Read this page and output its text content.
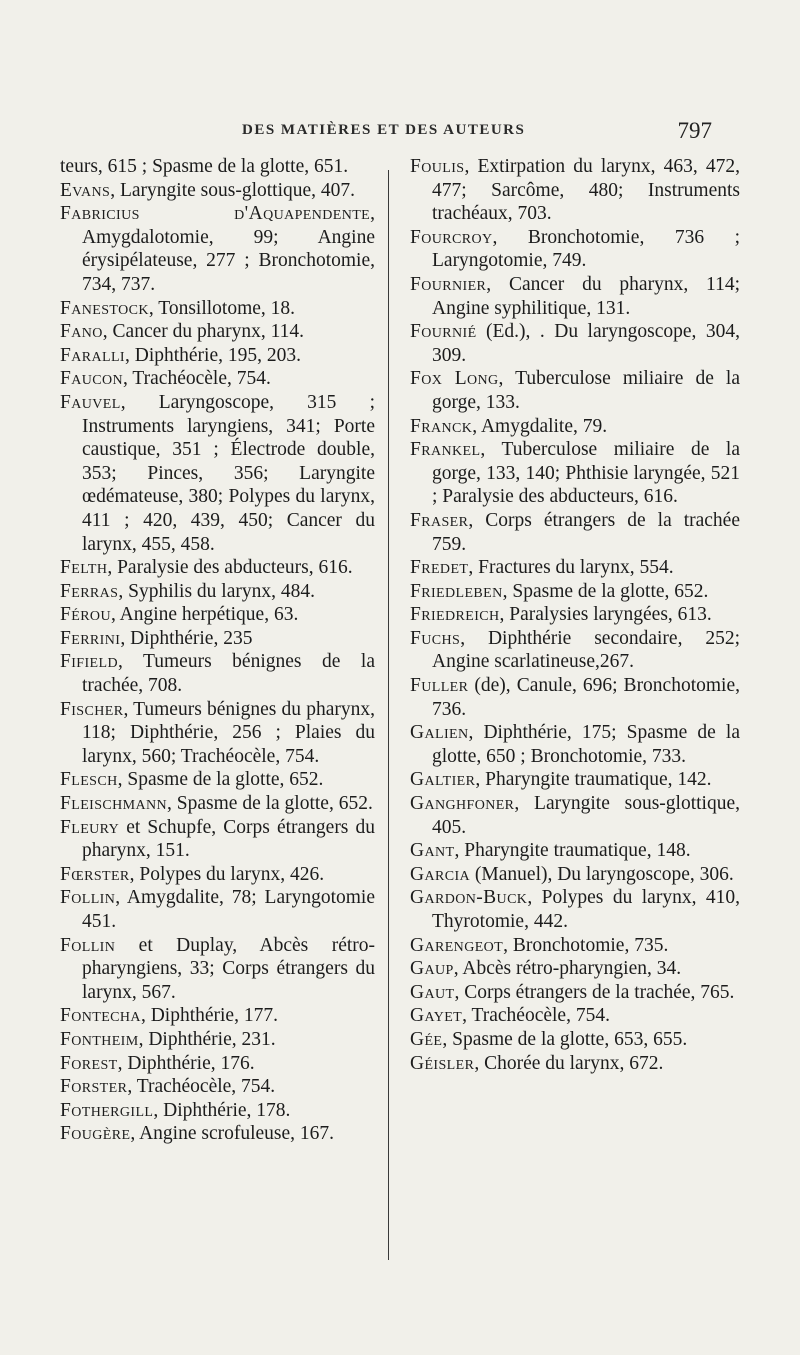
DES MATIÈRES ET DES AUTEURS	797

teurs, 615 ; Spasme de la glotte, 651.

Evans, Laryngite sous-glottique, 407.

Fabricius d'Aquapendente, Amygdalotomie, 99; Angine érysipélateuse, 277 ; Bronchotomie, 734, 737.

Fanestock, Tonsillotome, 18.

Fano, Cancer du pharynx, 114.

Faralli, Diphthérie, 195, 203.

Faucon, Trachéocèle, 754.

Fauvel, Laryngoscope, 315 ; Instruments laryngiens, 341; Porte caustique, 351 ; Électrode double, 353; Pinces, 356; Laryngite œdémateuse, 380; Polypes du larynx, 411 ; 420, 439, 450; Cancer du larynx, 455, 458.

Felth, Paralysie des abducteurs, 616.

Ferras, Syphilis du larynx, 484.

Férou, Angine herpétique, 63.

Ferrini, Diphthérie, 235

Fifield, Tumeurs bénignes de la trachée, 708.

Fischer, Tumeurs bénignes du pharynx, 118; Diphthérie, 256 ; Plaies du larynx, 560; Trachéocèle, 754.

Flesch, Spasme de la glotte, 652.

Fleischmann, Spasme de la glotte, 652.

Fleury et Schupfe, Corps étrangers du pharynx, 151.

Fœrster, Polypes du larynx, 426.

Follin, Amygdalite, 78; Laryngotomie 451.

Follin et Duplay, Abcès rétro-pharyngiens, 33; Corps étrangers du larynx, 567.

Fontecha, Diphthérie, 177.

Fontheim, Diphthérie, 231.

Forest, Diphthérie, 176.

Forster, Trachéocèle, 754.

Fothergill, Diphthérie, 178.

Fougère, Angine scrofuleuse, 167.

Foulis, Extirpation du larynx, 463, 472, 477; Sarcôme, 480; Instruments trachéaux, 703.

Fourcroy, Bronchotomie, 736 ; Laryngotomie, 749.

Fournier, Cancer du pharynx, 114; Angine syphilitique, 131.

Fournié (Ed.), . Du laryngoscope, 304, 309.

Fox Long, Tuberculose miliaire de la gorge, 133.

Franck, Amygdalite, 79.

Frankel, Tuberculose miliaire de la gorge, 133, 140; Phthisie laryngée, 521 ; Paralysie des abducteurs, 616.

Fraser, Corps étrangers de la trachée 759.

Fredet, Fractures du larynx, 554.

Friedleben, Spasme de la glotte, 652.

Friedreich, Paralysies laryngées, 613.

Fuchs, Diphthérie secondaire, 252; Angine scarlatineuse,267.

Fuller (de), Canule, 696; Bronchotomie, 736.

Galien, Diphthérie, 175; Spasme de la glotte, 650 ; Bronchotomie, 733.

Galtier, Pharyngite traumatique, 142.

Ganghfoner, Laryngite sous-glottique, 405.

Gant, Pharyngite traumatique, 148.

Garcia (Manuel), Du laryngoscope, 306.

Gardon-Buck, Polypes du larynx, 410, Thyrotomie, 442.

Garengeot, Bronchotomie, 735.

Gaup, Abcès rétro-pharyngien, 34.

Gaut, Corps étrangers de la trachée, 765.

Gayet, Trachéocèle, 754.

Gée, Spasme de la glotte, 653, 655.

Géisler, Chorée du larynx, 672.
